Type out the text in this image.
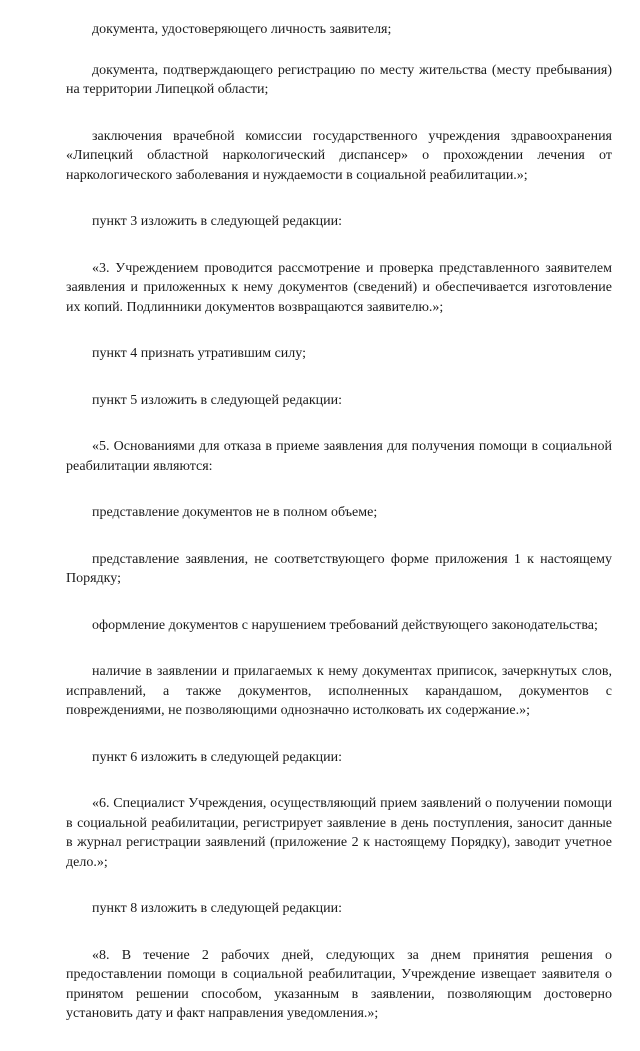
документа, удостоверяющего личность заявителя;

документа, подтверждающего регистрацию по месту жительства (месту пребывания) на территории Липецкой области;

заключения врачебной комиссии государственного учреждения здравоохранения «Липецкий областной наркологический диспансер» о прохождении лечения от наркологического заболевания и нуждаемости в социальной реабилитации.»;

пункт 3 изложить в следующей редакции:

«3. Учреждением проводится рассмотрение и проверка представленного заявителем заявления и приложенных к нему документов (сведений) и обеспечивается изготовление их копий. Подлинники документов возвращаются заявителю.»;

пункт 4 признать утратившим силу;

пункт 5 изложить в следующей редакции:

«5. Основаниями для отказа в приеме заявления для получения помощи в социальной реабилитации являются:

представление документов не в полном объеме;

представление заявления, не соответствующего форме приложения 1 к настоящему Порядку;

оформление документов с нарушением требований действующего законодательства;

наличие в заявлении и прилагаемых к нему документах приписок, зачеркнутых слов, исправлений, а также документов, исполненных карандашом, документов с повреждениями, не позволяющими однозначно истолковать их содержание.»;

пункт 6 изложить в следующей редакции:

«6. Специалист Учреждения, осуществляющий прием заявлений о получении помощи в социальной реабилитации, регистрирует заявление в день поступления, заносит данные в журнал регистрации заявлений (приложение 2 к настоящему Порядку), заводит учетное дело.»;

пункт 8 изложить в следующей редакции:

«8. В течение 2 рабочих дней, следующих за днем принятия решения о предоставлении помощи в социальной реабилитации, Учреждение извещает заявителя о принятом решении способом, указанным в заявлении, позволяющим достоверно установить дату и факт направления уведомления.»;
